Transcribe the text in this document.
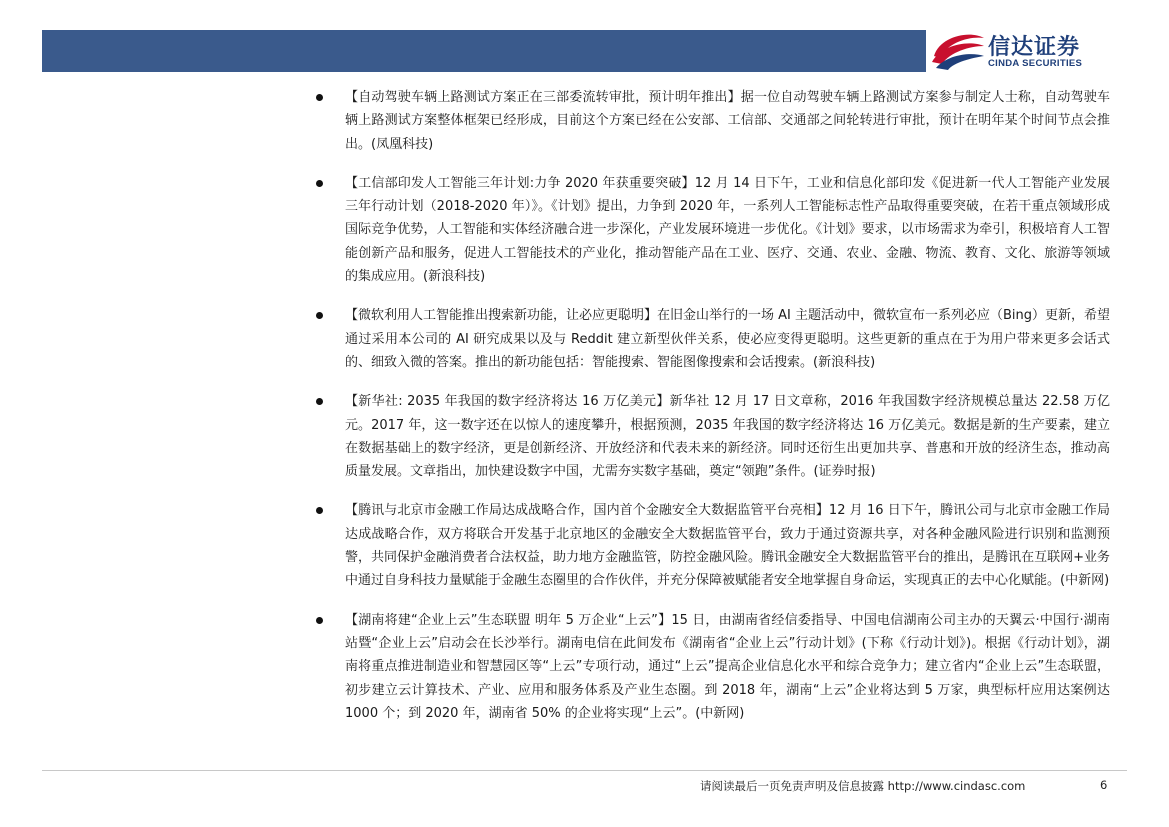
信达证券
CINDA SECURITIES

【自动驾驶车辆上路测试方案正在三部委流转审批，预计明年推出】据一位自动驾驶车辆上路测试方案参与制定人士称，自动驾驶车辆上路测试方案整体框架已经形成，目前这个方案已经在公安部、工信部、交通部之间轮转进行审批，预计在明年某个时间节点会推出。(凤凰科技)

【工信部印发人工智能三年计划:力争 2020 年获重要突破】12 月 14 日下午，工业和信息化部印发《促进新一代人工智能产业发展三年行动计划（2018-2020 年）》。《计划》提出，力争到 2020 年，一系列人工智能标志性产品取得重要突破，在若干重点领域形成国际竞争优势，人工智能和实体经济融合进一步深化，产业发展环境进一步优化。《计划》要求，以市场需求为牵引，积极培育人工智能创新产品和服务，促进人工智能技术的产业化，推动智能产品在工业、医疗、交通、农业、金融、物流、教育、文化、旅游等领域的集成应用。(新浪科技)

【微软利用人工智能推出搜索新功能，让必应更聪明】在旧金山举行的一场 AI 主题活动中，微软宣布一系列必应（Bing）更新，希望通过采用本公司的 AI 研究成果以及与 Reddit 建立新型伙伴关系，使必应变得更聪明。这些更新的重点在于为用户带来更多会话式的、细致入微的答案。推出的新功能包括：智能搜索、智能图像搜索和会话搜索。(新浪科技)

【新华社: 2035 年我国的数字经济将达 16 万亿美元】新华社 12 月 17 日文章称，2016 年我国数字经济规模总量达 22.58 万亿元。2017 年，这一数字还在以惊人的速度攀升，根据预测，2035 年我国的数字经济将达 16 万亿美元。数据是新的生产要素，建立在数据基础上的数字经济，更是创新经济、开放经济和代表未来的新经济。同时还衍生出更加共享、普惠和开放的经济生态，推动高质量发展。文章指出，加快建设数字中国，尤需夯实数字基础，奠定“领跑”条件。(证券时报)

【腾讯与北京市金融工作局达成战略合作，国内首个金融安全大数据监管平台亮相】12 月 16 日下午，腾讯公司与北京市金融工作局达成战略合作，双方将联合开发基于北京地区的金融安全大数据监管平台，致力于通过资源共享，对各种金融风险进行识别和监测预警，共同保护金融消费者合法权益，助力地方金融监管，防控金融风险。腾讯金融安全大数据监管平台的推出，是腾讯在互联网+业务中通过自身科技力量赋能于金融生态圈里的合作伙伴，并充分保障被赋能者安全地掌握自身命运，实现真正的去中心化赋能。(中新网)

【湖南将建“企业上云”生态联盟 明年 5 万企业“上云”】15 日，由湖南省经信委指导、中国电信湖南公司主办的天翼云·中国行·湖南站暨“企业上云”启动会在长沙举行。湖南电信在此间发布《湖南省“企业上云”行动计划》(下称《行动计划》)。根据《行动计划》，湖南将重点推进制造业和智慧园区等“上云”专项行动，通过“上云”提高企业信息化水平和综合竞争力；建立省内“企业上云”生态联盟，初步建立云计算技术、产业、应用和服务体系及产业生态圈。到 2018 年，湖南“上云”企业将达到 5 万家，典型标杆应用达案例达 1000 个；到 2020 年，湖南省 50% 的企业将实现“上云”。(中新网)

请阅读最后一页免责声明及信息披露 http://www.cindasc.com	6
